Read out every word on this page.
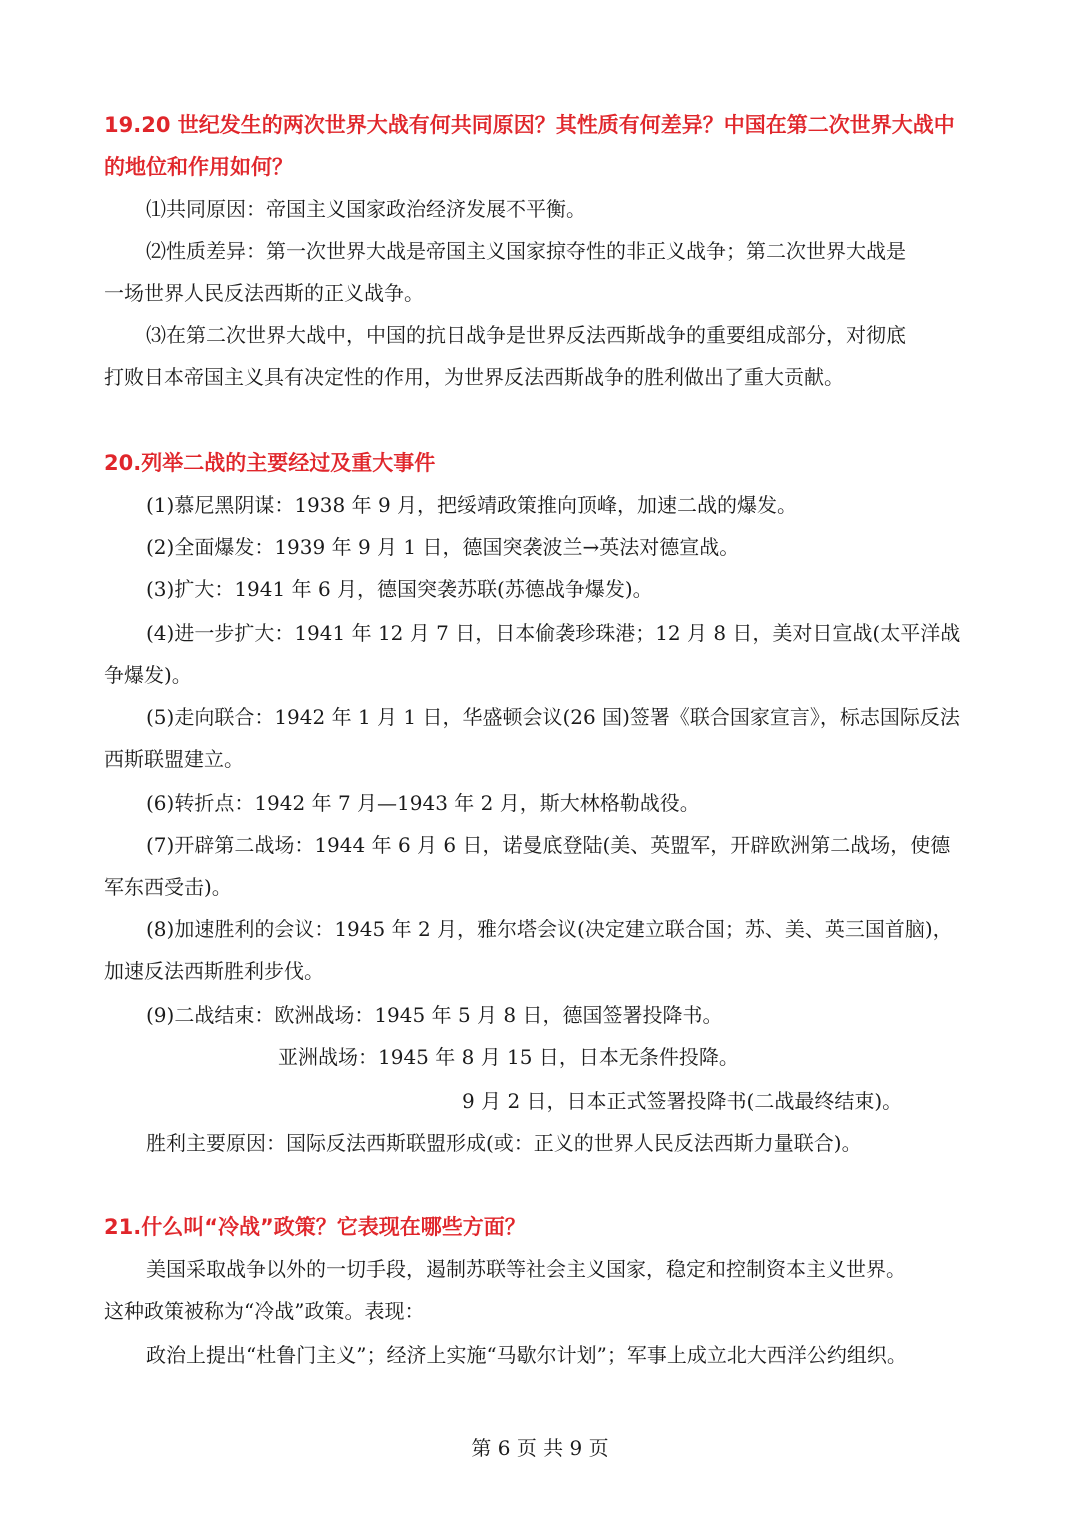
19.20 世纪发生的两次世界大战有何共同原因？其性质有何差异？中国在第二次世界大战中

的地位和作用如何？

⑴共同原因：帝国主义国家政治经济发展不平衡。

⑵性质差异：第一次世界大战是帝国主义国家掠夺性的非正义战争；第二次世界大战是

一场世界人民反法西斯的正义战争。

⑶在第二次世界大战中，中国的抗日战争是世界反法西斯战争的重要组成部分，对彻底

打败日本帝国主义具有决定性的作用，为世界反法西斯战争的胜利做出了重大贡献。

20.列举二战的主要经过及重大事件

(1)慕尼黑阴谋：1938 年 9 月，把绥靖政策推向顶峰，加速二战的爆发。

(2)全面爆发：1939 年 9 月 1 日，德国突袭波兰→英法对德宣战。

(3)扩大：1941 年 6 月，德国突袭苏联(苏德战争爆发)。

(4)进一步扩大：1941 年 12 月 7 日，日本偷袭珍珠港；12 月 8 日，美对日宣战(太平洋战

争爆发)。

(5)走向联合：1942 年 1 月 1 日，华盛顿会议(26 国)签署《联合国家宣言》，标志国际反法

西斯联盟建立。

(6)转折点：1942 年 7 月—1943 年 2 月，斯大林格勒战役。

(7)开辟第二战场：1944 年 6 月 6 日，诺曼底登陆(美、英盟军，开辟欧洲第二战场，使德

军东西受击)。

(8)加速胜利的会议：1945 年 2 月，雅尔塔会议(决定建立联合国；苏、美、英三国首脑)，

加速反法西斯胜利步伐。

(9)二战结束：欧洲战场：1945 年 5 月 8 日，德国签署投降书。

亚洲战场：1945 年 8 月 15 日，日本无条件投降。

9 月 2 日，日本正式签署投降书(二战最终结束)。

胜利主要原因：国际反法西斯联盟形成(或：正义的世界人民反法西斯力量联合)。

21.什么叫“冷战”政策？它表现在哪些方面？

美国采取战争以外的一切手段，遏制苏联等社会主义国家，稳定和控制资本主义世界。

这种政策被称为“冷战”政策。表现：

政治上提出“杜鲁门主义”；经济上实施“马歇尔计划”；军事上成立北大西洋公约组织。

第 6 页 共 9 页
